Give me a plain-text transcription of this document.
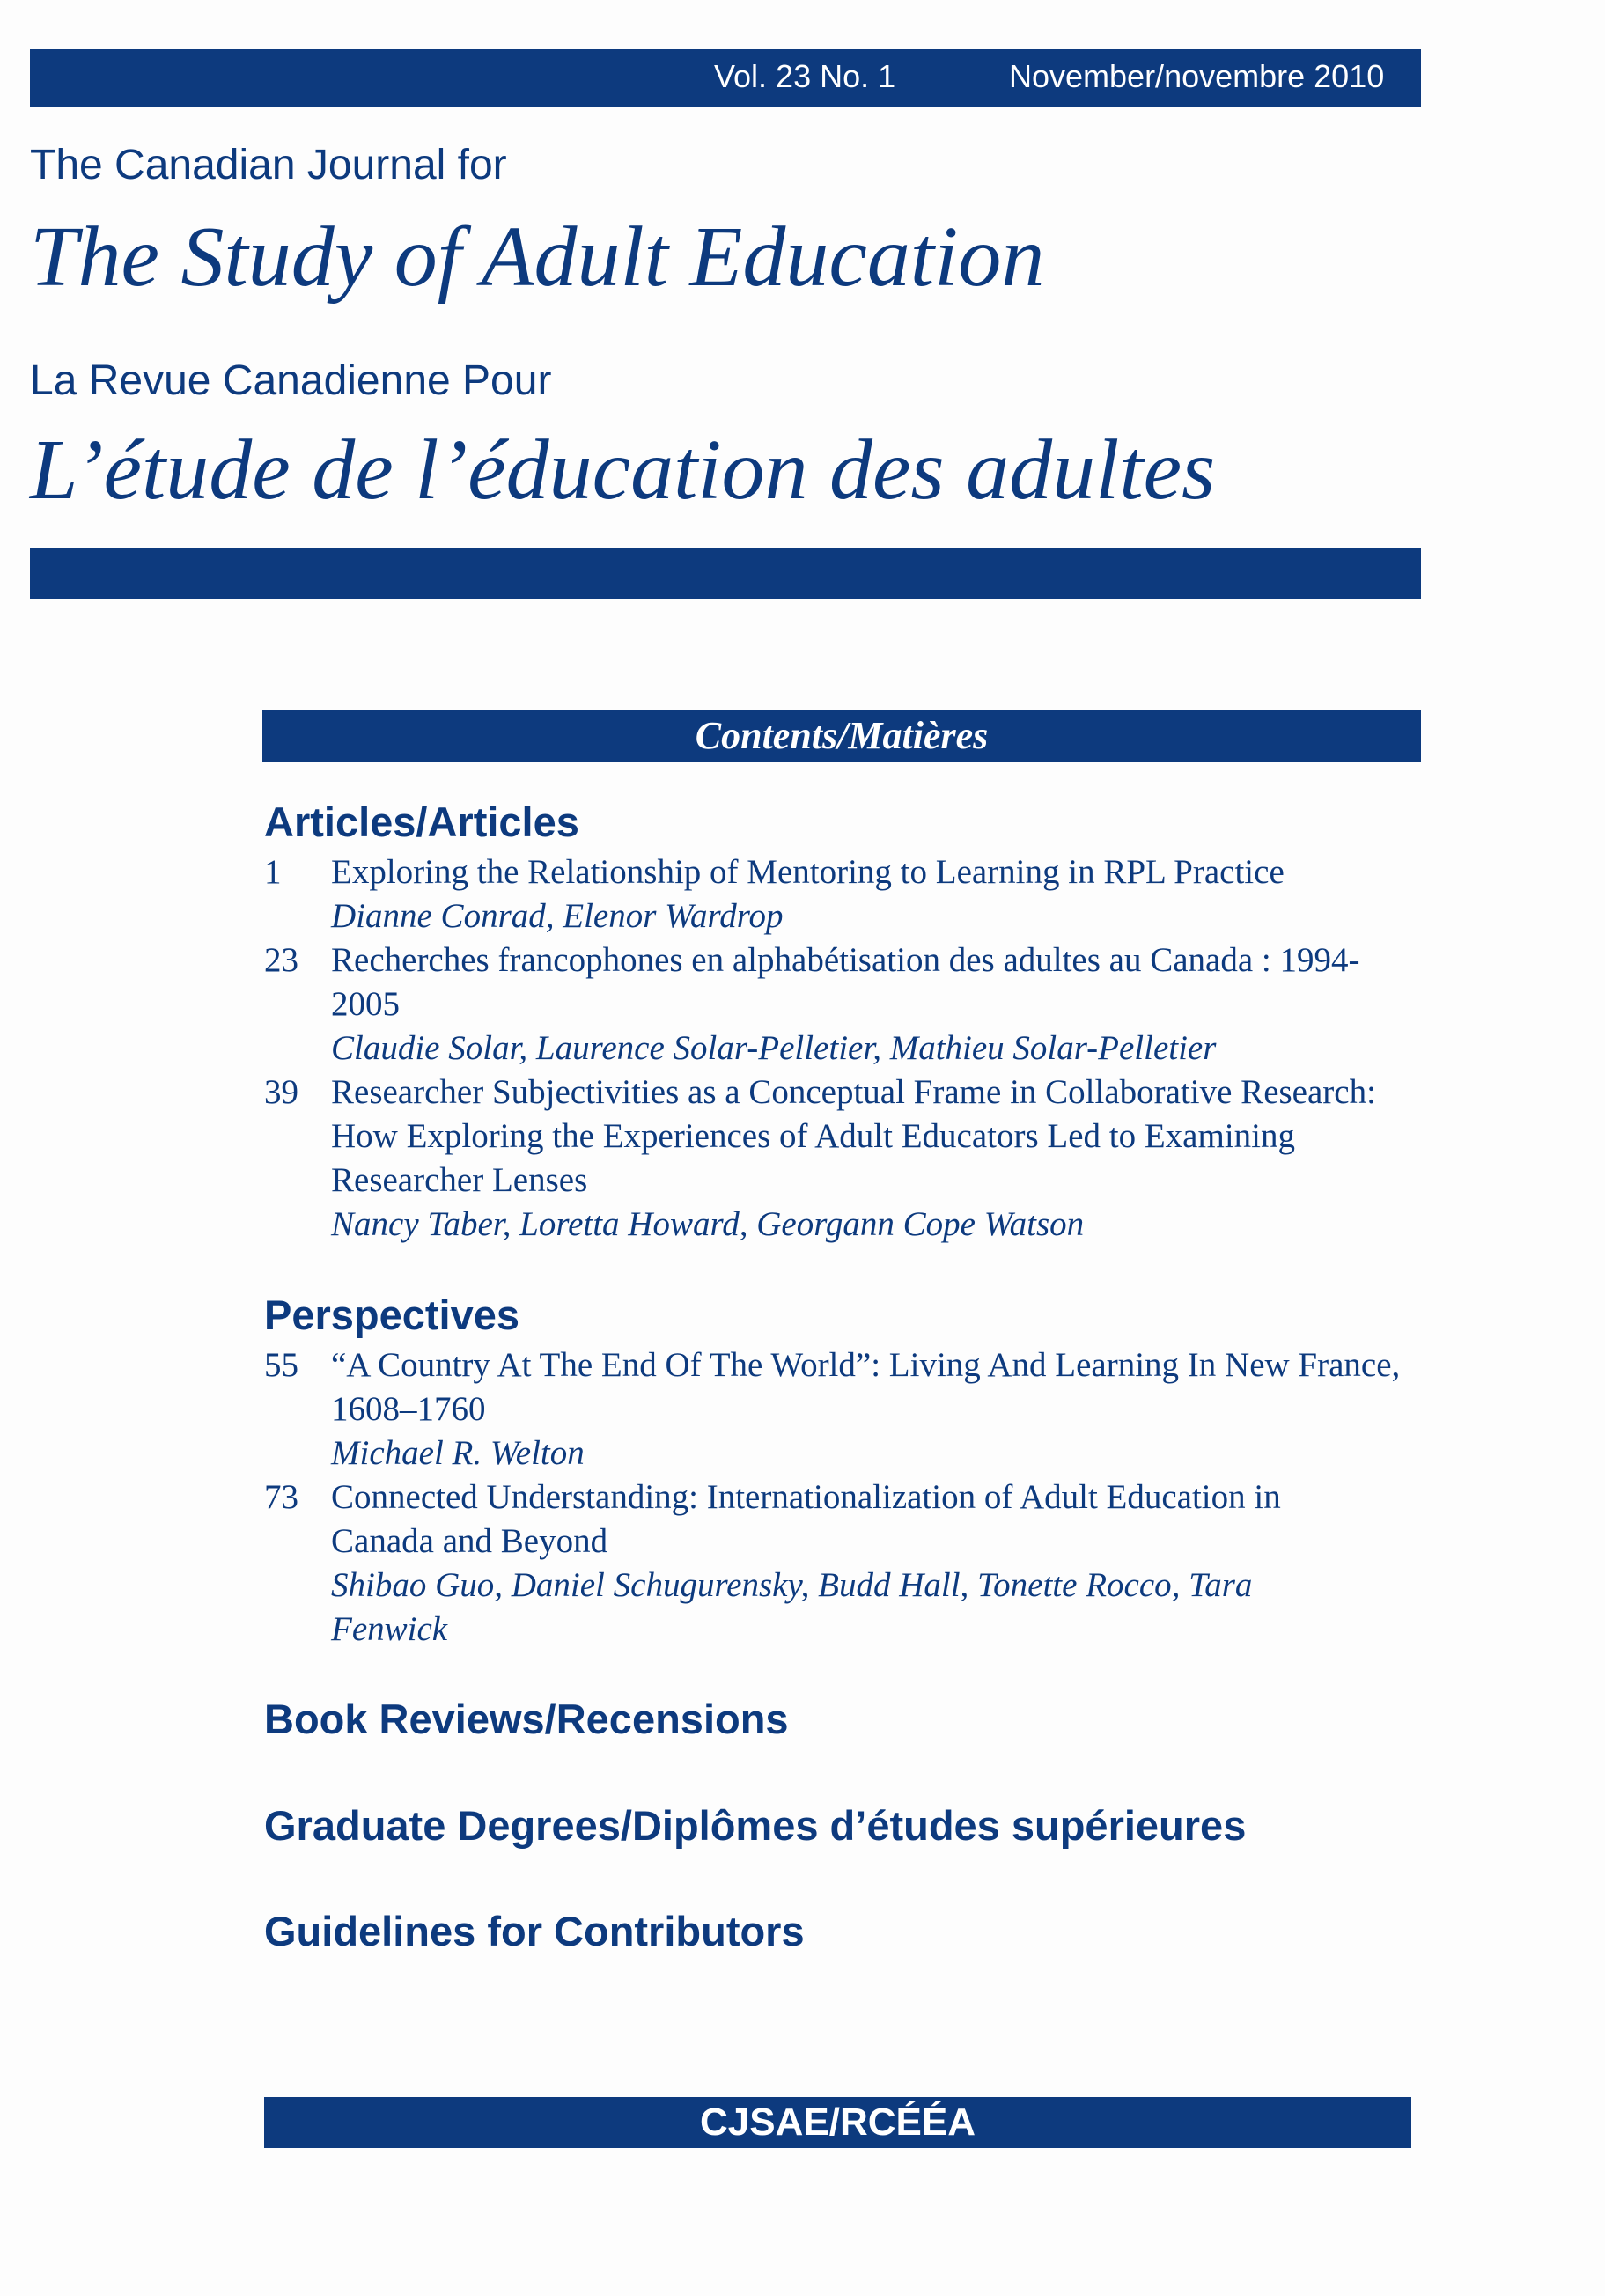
Vol. 23 No. 1	November/novembre 2010
The Canadian Journal for
The Study of Adult Education
La Revue Canadienne Pour
L’étude de l’éducation des adultes
Contents/Matières
Articles/Articles
1 Exploring the Relationship of Mentoring to Learning in RPL Practice
Dianne Conrad, Elenor Wardrop
23 Recherches francophones en alphabétisation des adultes au Canada : 1994-2005
Claudie Solar, Laurence Solar-Pelletier, Mathieu Solar-Pelletier
39 Researcher Subjectivities as a Conceptual Frame in Collaborative Research: How Exploring the Experiences of Adult Educators Led to Examining Researcher Lenses
Nancy Taber, Loretta Howard, Georgann Cope Watson
Perspectives
55 “A Country At The End Of The World”: Living And Learning In New France, 1608–1760
Michael R. Welton
73 Connected Understanding: Internationalization of Adult Education in Canada and Beyond
Shibao Guo, Daniel Schugurensky, Budd Hall, Tonette Rocco, Tara Fenwick
Book Reviews/Recensions
Graduate Degrees/Diplômes d’études supérieures
Guidelines for Contributors
CJSAE/RCÉÉA
